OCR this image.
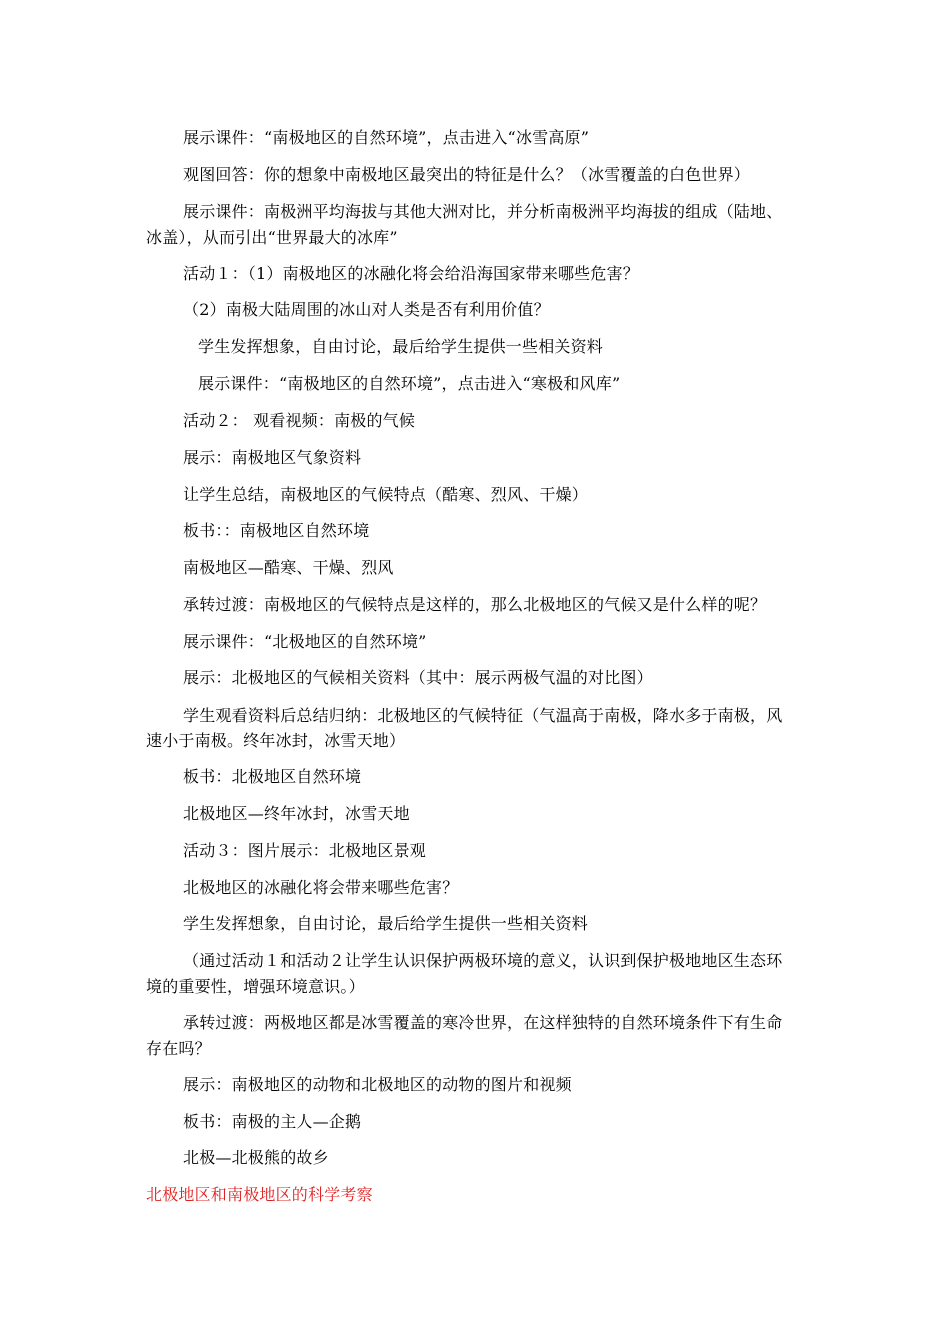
展示课件：“南极地区的自然环境”，点击进入“冰雪高原”
观图回答：你的想象中南极地区最突出的特征是什么？（冰雪覆盖的白色世界）
展示课件：南极洲平均海拔与其他大洲对比，并分析南极洲平均海拔的组成（陆地、
冰盖），从而引出“世界最大的冰库”
活动１：（1）南极地区的冰融化将会给沿海国家带来哪些危害？
（2）南极大陆周围的冰山对人类是否有利用价值？
学生发挥想象，自由讨论，最后给学生提供一些相关资料
展示课件：“南极地区的自然环境”，点击进入“寒极和风库”
活动２： 观看视频：南极的气候
展示：南极地区气象资料
让学生总结，南极地区的气候特点（酷寒、烈风、干燥）
板书：：南极地区自然环境
南极地区—酷寒、干燥、烈风
承转过渡：南极地区的气候特点是这样的，那么北极地区的气候又是什么样的呢？
展示课件：“北极地区的自然环境”
展示：北极地区的气候相关资料（其中：展示两极气温的对比图）
学生观看资料后总结归纳：北极地区的气候特征（气温高于南极，降水多于南极，风
速小于南极。终年冰封，冰雪天地）
板书：北极地区自然环境
北极地区—终年冰封，冰雪天地
活动３：图片展示：北极地区景观
北极地区的冰融化将会带来哪些危害？
学生发挥想象，自由讨论，最后给学生提供一些相关资料
（通过活动１和活动２让学生认识保护两极环境的意义，认识到保护极地地区生态环
境的重要性，增强环境意识。）
承转过渡：两极地区都是冰雪覆盖的寒冷世界，在这样独特的自然环境条件下有生命
存在吗？
展示：南极地区的动物和北极地区的动物的图片和视频
板书：南极的主人—企鹅
北极—北极熊的故乡
北极地区和南极地区的科学考察
